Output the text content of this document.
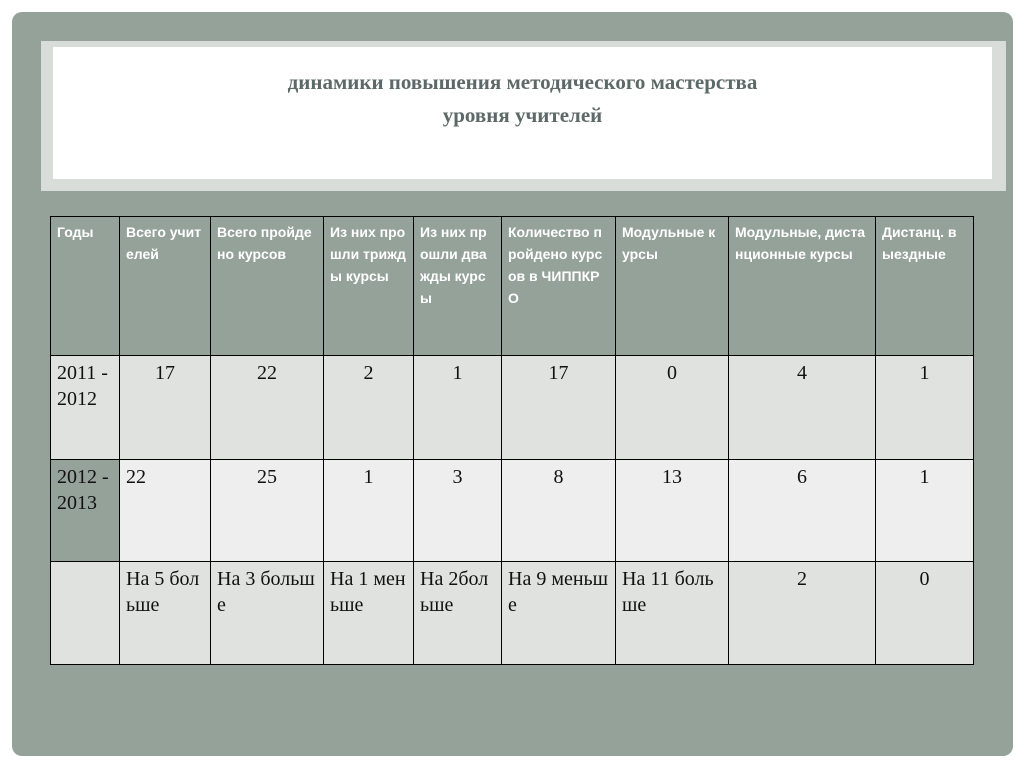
динамики повышения методического мастерства
уровня учителей
Годы	Всего учителей	Всего пройдено курсов	Из них прошли трижды курсы	Из них прошли дважды курсы	Количество пройдено курсов в ЧИППКРО	Модульные курсы	Модульные, дистанционные курсы	Дистанц. выездные
2011 - 2012	17	22	2	1	17	0	4	1
2012 - 2013	22	25	1	3	8	13	6	1
	На 5 больше	На 3 больше	На 1 меньше	На 2больше	На 9 меньше	На 11 больше	2	0
